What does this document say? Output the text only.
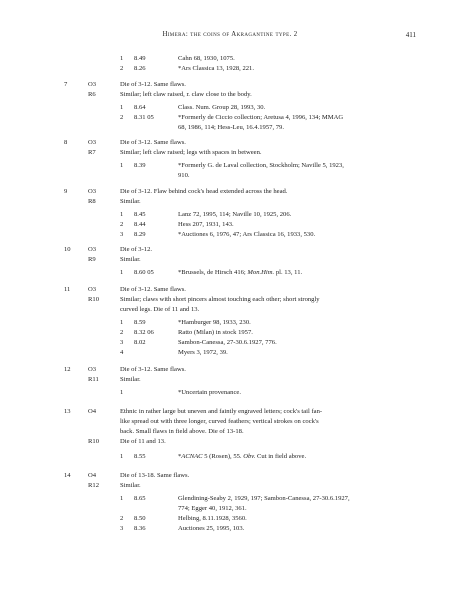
Himera: the coins of Akragantine type. 2	411
1 8.49	Cahn 68, 1930, 1075.
2 8.26	*Ars Classica 13, 1928, 221.
7	O3	Die of 3-12. Same flaws.
R6	Similar; left claw raised, r. claw close to the body.
1 8.64	Class. Num. Group 28, 1993, 30.
2 8.31 05	*Formerly de Ciccio collection; Aretusa 4, 1996, 134; MMAG
68, 1986, 114; Hess-Leu, 16.4.1957, 79.
8	O3	Die of 3-12. Same flaws.
R7	Similar; left claw raised; legs with spaces in between.
1 8.39	*Formerly G. de Laval collection, Stockholm; Naville 5, 1923,
910.
9	O3	Die of 3-12. Flaw behind cock's head extended across the head.
R8	Similar.
1 8.45	Lanz 72, 1995, 114; Naville 10, 1925, 206.
2 8.44	Hess 207, 1931, 143.
3 8.29	*Auctiones 6, 1976, 47; Ars Classica 16, 1933, 530.
10	O3	Die of 3-12.
R9	Similar.
1 8.60 05	*Brussels, de Hirsch 416; Mon.Him. pl. 13, 11.
11	O3	Die of 3-12. Same flaws.
R10	Similar; claws with short pincers almost touching each other; short strongly
curved legs. Die of 11 and 13.
1 8.59	*Hamburger 98, 1933, 230.
2 8.32 06	Ratto (Milan) in stock 1957.
3 8.02	Sambon-Canessa, 27-30.6.1927, 776.
4	Myers 3, 1972, 39.
12	O3	Die of 3-12. Same flaws.
R11	Similar.
1	*Uncertain provenance.
13	O4	Ethnic in rather large but uneven and faintly engraved letters; cock's tail fan-
like spread out with three longer, curved feathers; vertical strokes on cock's
back. Small flaws in field above. Die of 13-18.
R10	Die of 11 and 13.
1 8.55	*ACNAC 5 (Rosen), 55. Obv. Cut in field above.
14	O4	Die of 13-18. Same flaws.
R12	Similar.
1 8.65	Glendining-Seaby 2, 1929, 197; Sambon-Canessa, 27-30.6.1927,
774; Egger 40, 1912, 361.
2 8.50	Helbing, 8.11.1928, 3560.
3 8.36	Auctiones 25, 1995, 103.
